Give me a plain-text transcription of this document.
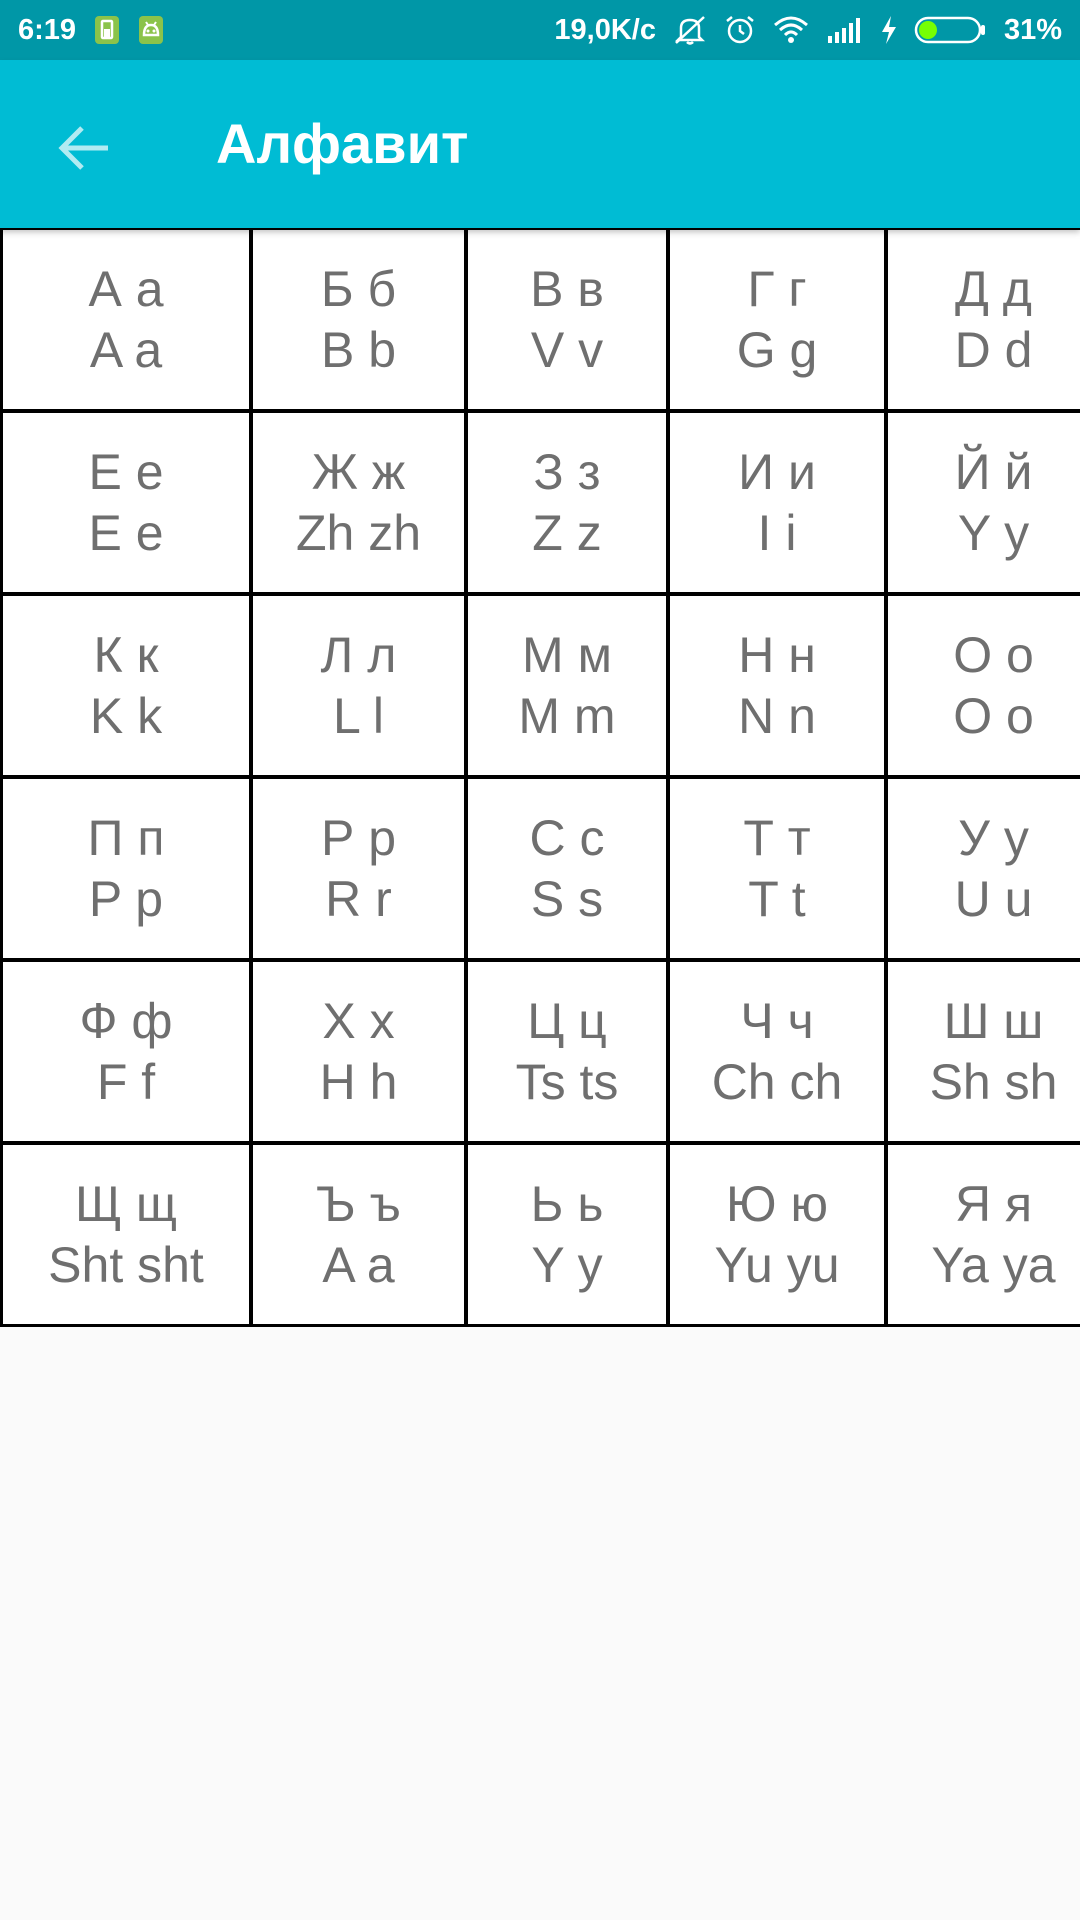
6:19	19,0K/c	31%
Алфавит
А а
A a
Б б
B b
В в
V v
Г г
G g
Д д
D d
Е е
E e
Ж ж
Zh zh
З з
Z z
И и
I i
Й й
Y y
К к
K k
Л л
L l
М м
M m
Н н
N n
О о
O o
П п
P p
Р р
R r
С с
S s
Т т
T t
У у
U u
Ф ф
F f
Х х
H h
Ц ц
Ts ts
Ч ч
Ch ch
Ш ш
Sh sh
Щ щ
Sht sht
Ъ ъ
A a
Ь ь
Y y
Ю ю
Yu yu
Я я
Ya ya
